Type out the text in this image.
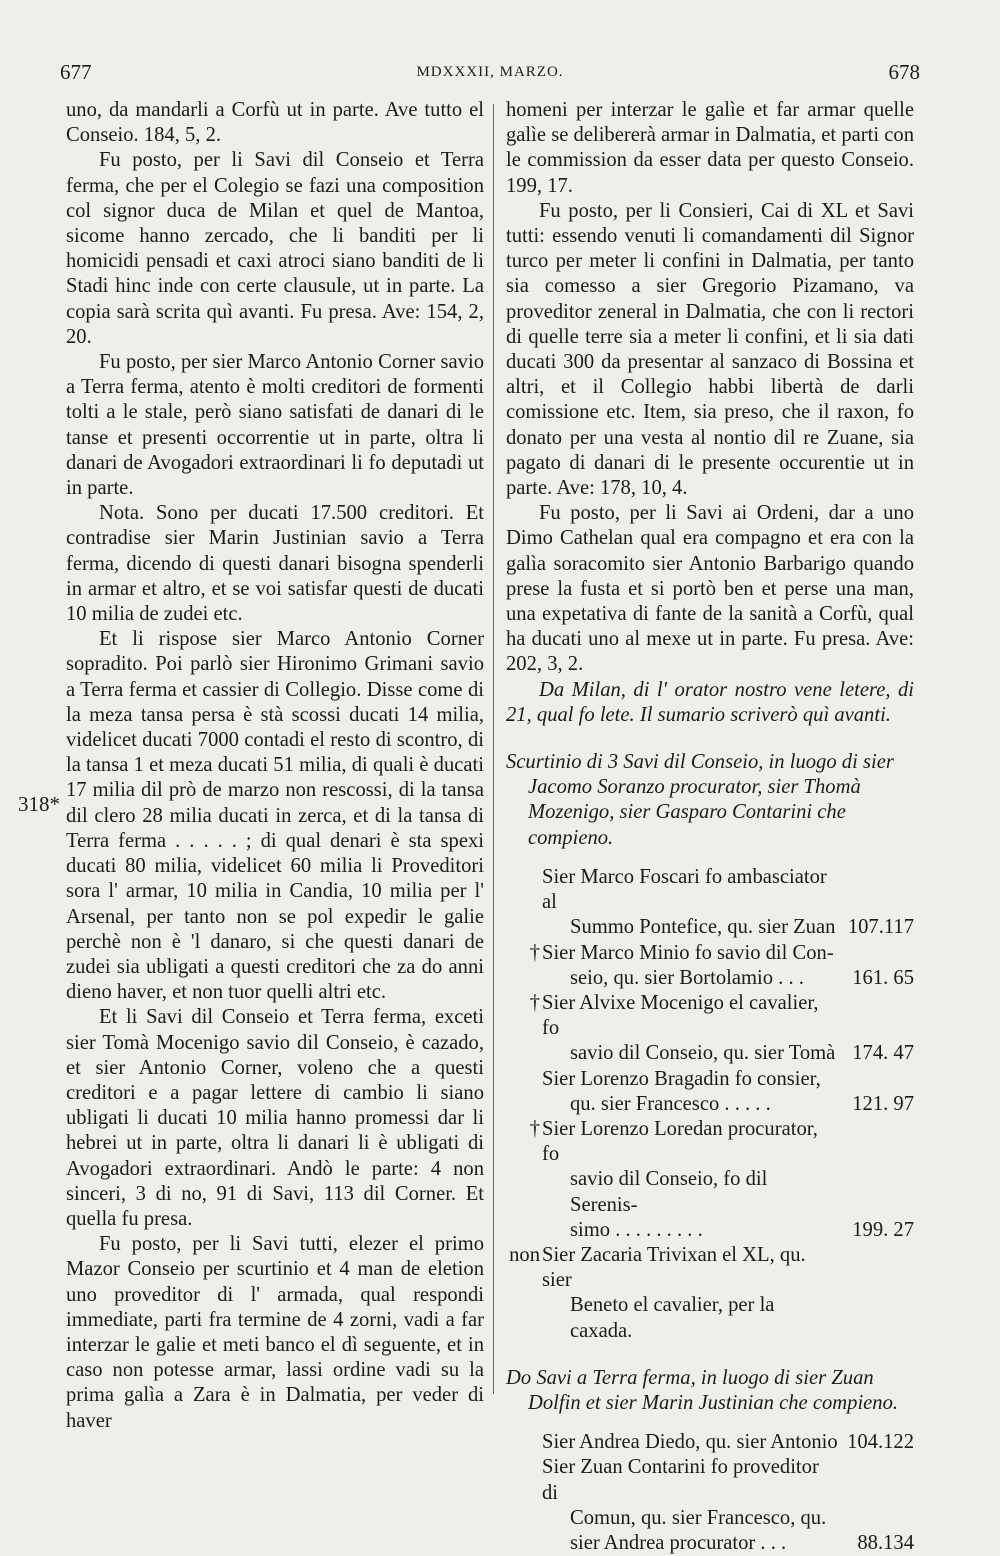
677	MDXXXII, MARZO.	678
318*

uno, da mandarli a Corfù ut in parte. Ave tutto el Conseio. 184, 5, 2.

Fu posto, per li Savi dil Conseio et Terra ferma, che per el Colegio se fazi una composition col signor duca de Milan et quel de Mantoa, sicome hanno zercado, che li banditi per li homicidi pensadi et caxi atroci siano banditi de li Stadi hinc inde con certe clausule, ut in parte. La copia sarà scrita quì avanti. Fu presa. Ave: 154, 2, 20.

Fu posto, per sier Marco Antonio Corner savio a Terra ferma, atento è molti creditori de formenti tolti a le stale, però siano satisfati de danari di le tanse et presenti occorrentie ut in parte, oltra li danari de Avogadori extraordinari li fo deputadi ut in parte.

Nota. Sono per ducati 17.500 creditori. Et contradise sier Marin Justinian savio a Terra ferma, dicendo di questi danari bisogna spenderli in armar et altro, et se voi satisfar questi de ducati 10 milia de zudei etc.

Et li rispose sier Marco Antonio Corner sopradito. Poi parlò sier Hironimo Grimani savio a Terra ferma et cassier di Collegio. Disse come di la meza tansa persa è stà scossi ducati 14 milia, videlicet ducati 7000 contadi el resto di scontro, di la tansa 1 et meza ducati 51 milia, di quali è ducati 17 milia dil prò de marzo non rescossi, di la tansa dil clero 28 milia ducati in zerca, et di la tansa di Terra ferma . . . . . ; di qual denari è sta spexi ducati 80 milia, videlicet 60 milia li Proveditori sora l' armar, 10 milia in Candia, 10 milia per l' Arsenal, per tanto non se pol expedir le galie perchè non è 'l danaro, si che questi danari de zudei sia ubligati a questi creditori che za do anni dieno haver, et non tuor quelli altri etc.

Et li Savi dil Conseio et Terra ferma, exceti sier Tomà Mocenigo savio dil Conseio, è cazado, et sier Antonio Corner, voleno che a questi creditori e a pagar lettere di cambio li siano ubligati li ducati 10 milia hanno promessi dar li hebrei ut in parte, oltra li danari li è ubligati di Avogadori extraordinari. Andò le parte: 4 non sinceri, 3 di no, 91 di Savi, 113 dil Corner. Et quella fu presa.

Fu posto, per li Savi tutti, elezer el primo Mazor Conseio per scurtinio et 4 man de eletion uno proveditor di l' armada, qual respondi immediate, parti fra termine de 4 zorni, vadi a far interzar le galie et meti banco el dì seguente, et in caso non potesse armar, lassi ordine vadi su la prima galìa a Zara è in Dalmatia, per veder di haver

homeni per interzar le galìe et far armar quelle galìe se delibererà armar in Dalmatia, et parti con le commission da esser data per questo Conseio. 199, 17.

Fu posto, per li Consieri, Cai di XL et Savi tutti: essendo venuti li comandamenti dil Signor turco per meter li confini in Dalmatia, per tanto sia comesso a sier Gregorio Pizamano, va proveditor zeneral in Dalmatia, che con li rectori di quelle terre sia a meter li confini, et li sia dati ducati 300 da presentar al sanzaco di Bossina et altri, et il Collegio habbi libertà de darli comissione etc. Item, sia preso, che il raxon, fo donato per una vesta al nontio dil re Zuane, sia pagato di danari di le presente occurentie ut in parte. Ave: 178, 10, 4.

Fu posto, per li Savi ai Ordeni, dar a uno Dimo Cathelan qual era compagno et era con la galìa soracomito sier Antonio Barbarigo quando prese la fusta et si portò ben et perse una man, una expetativa di fante de la sanità a Corfù, qual ha ducati uno al mexe ut in parte. Fu presa. Ave: 202, 3, 2.

Da Milan, di l' orator nostro vene letere, di 21, qual fo lete. Il sumario scriverò quì avanti.

Scurtinio di 3 Savi dil Conseio, in luogo di sier Jacomo Soranzo procurator, sier Thomà Mozenigo, sier Gasparo Contarini che compieno.
Sier Marco Foscari fo ambasciator al
Summo Pontefice, qu. sier Zuan 107.117
† Sier Marco Minio fo savio dil Con-
seio, qu. sier Bortolamio . . .	161. 65
† Sier Alvixe Mocenigo el cavalier, fo
savio dil Conseio, qu. sier Tomà 174. 47
Sier Lorenzo Bragadin fo consier,
qu. sier Francesco . . . . .	121. 97
† Sier Lorenzo Loredan procurator, fo
savio dil Conseio, fo dil Serenis-
simo . . . . . . . . .	199. 27
non Sier Zacaria Trivixan el XL, qu. sier
Beneto el cavalier, per la caxada.
Do Savi a Terra ferma, in luogo di sier Zuan Dolfin et sier Marin Justinian che compieno.
Sier Andrea Diedo, qu. sier Antonio 104.122
Sier Zuan Contarini fo proveditor di
Comun, qu. sier Francesco, qu.
sier Andrea procurator . . .	88.134
